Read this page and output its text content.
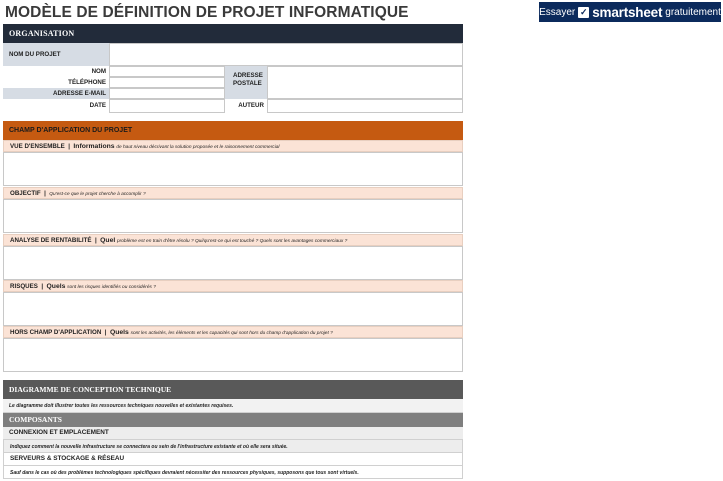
MODÈLE DE DÉFINITION DE PROJET INFORMATIQUE	Essayer ✓ smartsheet gratuitement
ORGANISATION
NOM DU PROJET
NOM
TÉLÉPHONE
ADRESSE E-MAIL
DATE
ADRESSE POSTALE
AUTEUR
CHAMP D'APPLICATION DU PROJET
VUE D'ENSEMBLE | Informations de haut niveau décrivant la solution proposée et le raisonnement commercial
OBJECTIF | Qu'est-ce que le projet cherche à accomplir ?
ANALYSE DE RENTABILITÉ | Quel problème est en train d'être résolu ? Qui/qu'est-ce qui est touché ? Quels sont les avantages commerciaux ?
RISQUES | Quels sont les risques identifiés ou considérés ?
HORS CHAMP D'APPLICATION | Quels sont les activités, les éléments et les capacités qui sont hors du champ d'application du projet ?
DIAGRAMME DE CONCEPTION TECHNIQUE
Le diagramme doit illustrer toutes les ressources techniques nouvelles et existantes requises.
COMPOSANTS
CONNEXION ET EMPLACEMENT
Indiquez comment la nouvelle infrastructure se connectera ou sein de l'infrastructure existante et où elle sera située.
SERVEURS & STOCKAGE & RÉSEAU
Sauf dans le cas où des problèmes technologiques spécifiques devraient nécessiter des ressources physiques, supposons que tous sont virtuels.
